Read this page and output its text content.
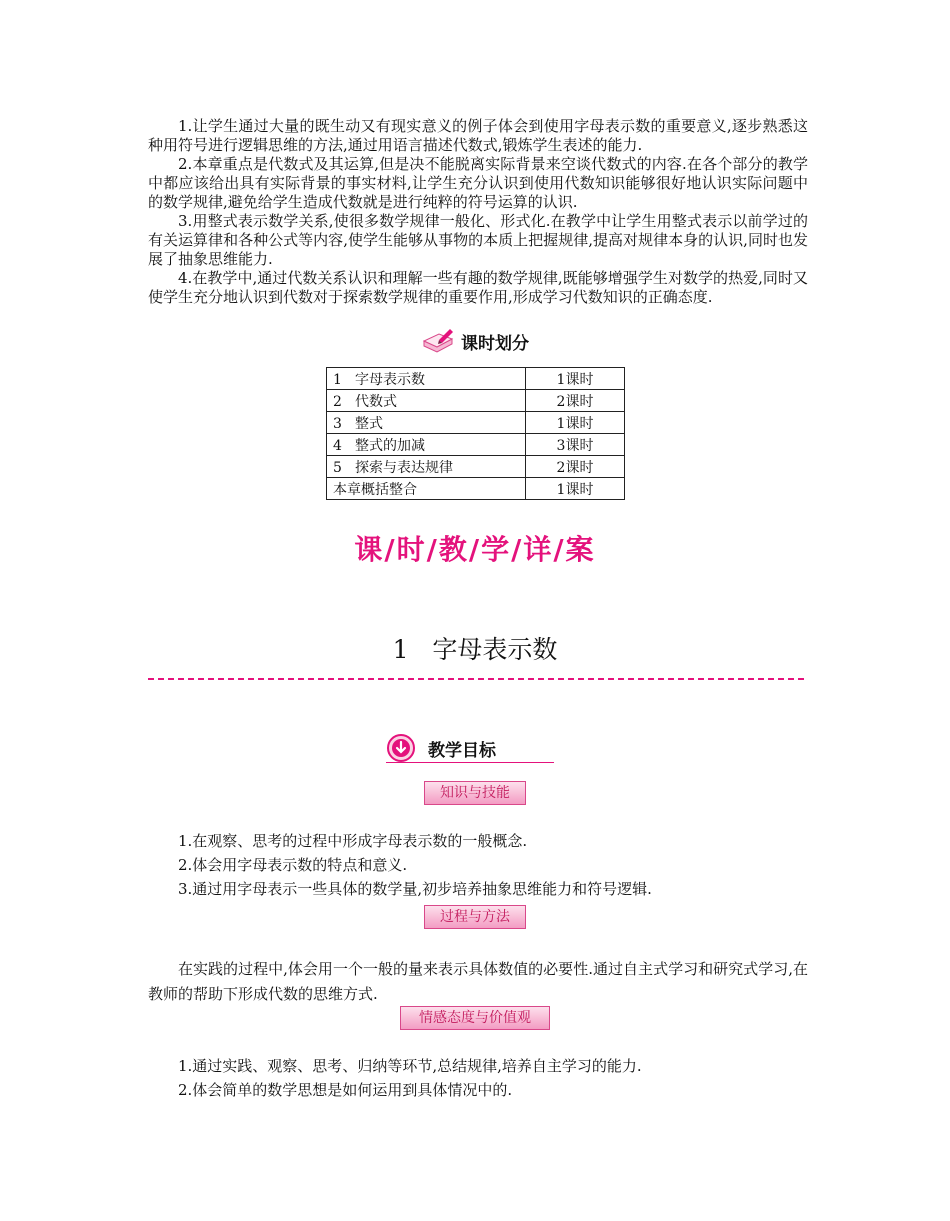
1.让学生通过大量的既生动又有现实意义的例子体会到使用字母表示数的重要意义,逐步熟悉这种用符号进行逻辑思维的方法,通过用语言描述代数式,锻炼学生表述的能力.

2.本章重点是代数式及其运算,但是决不能脱离实际背景来空谈代数式的内容.在各个部分的教学中都应该给出具有实际背景的事实材料,让学生充分认识到使用代数知识能够很好地认识实际问题中的数学规律,避免给学生造成代数就是进行纯粹的符号运算的认识.

3.用整式表示数学关系,使很多数学规律一般化、形式化.在教学中让学生用整式表示以前学过的有关运算律和各种公式等内容,使学生能够从事物的本质上把握规律,提高对规律本身的认识,同时也发展了抽象思维能力.

4.在教学中,通过代数关系认识和理解一些有趣的数学规律,既能够增强学生对数学的热爱,同时又使学生充分地认识到代数对于探索数学规律的重要作用,形成学习代数知识的正确态度.

课时划分
1 字母表示数	1课时
2 代数式	2课时
3 整式	1课时
4 整式的加减	3课时
5 探索与表达规律	2课时
本章概括整合	1课时
课/时/教/学/详/案
1 字母表示数
教学目标
知识与技能

1.在观察、思考的过程中形成字母表示数的一般概念.

2.体会用字母表示数的特点和意义.

3.通过用字母表示一些具体的数学量,初步培养抽象思维能力和符号逻辑.

过程与方法

在实践的过程中,体会用一个一般的量来表示具体数值的必要性.通过自主式学习和研究式学习,在教师的帮助下形成代数的思维方式.

情感态度与价值观

1.通过实践、观察、思考、归纳等环节,总结规律,培养自主学习的能力.

2.体会简单的数学思想是如何运用到具体情况中的.
